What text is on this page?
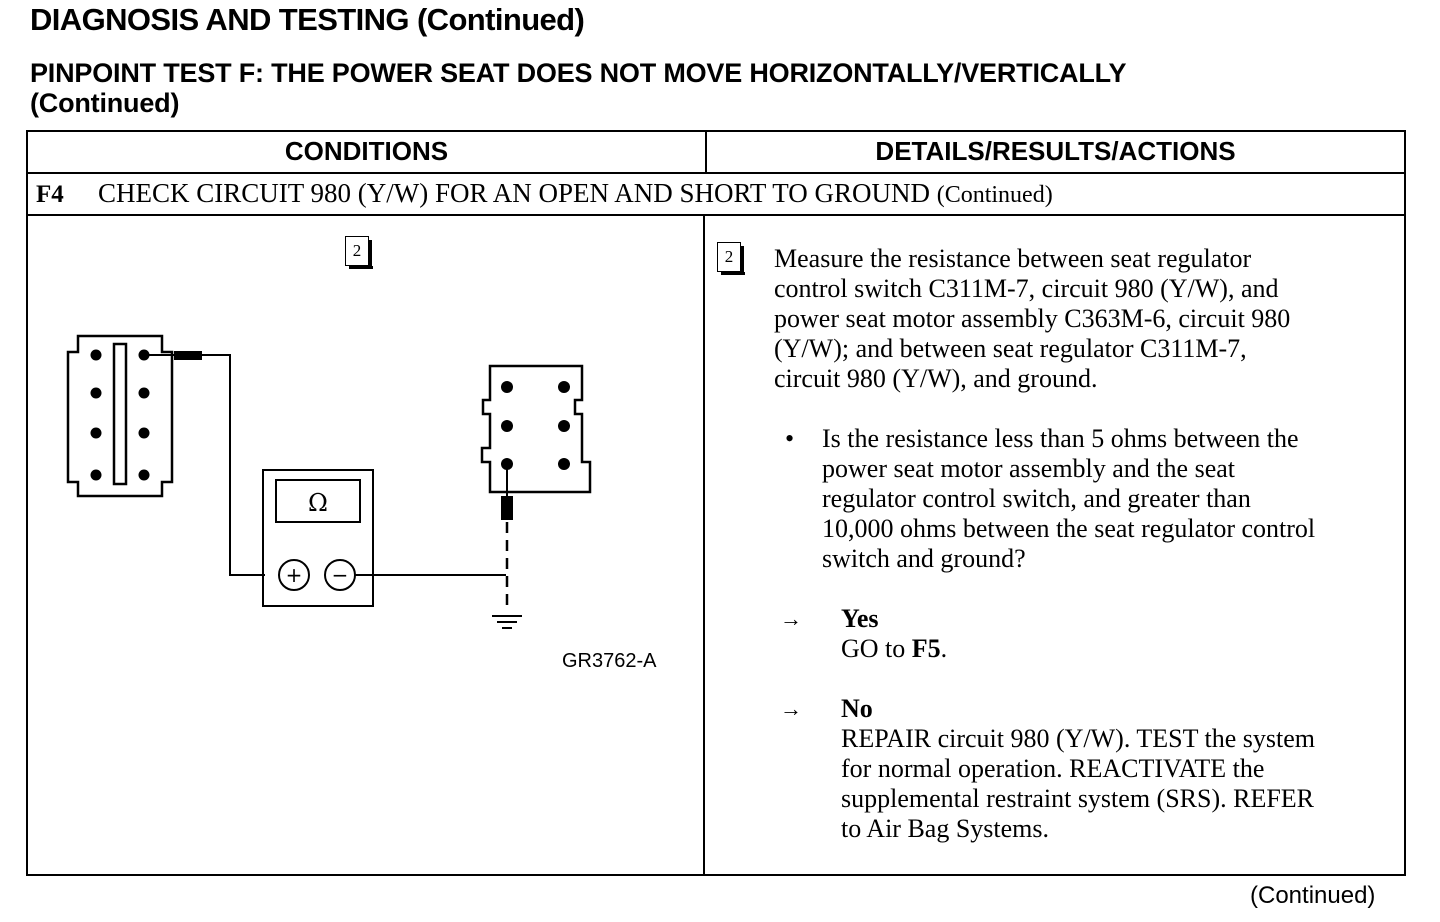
DIAGNOSIS AND TESTING (Continued)
PINPOINT TEST F: THE POWER SEAT DOES NOT MOVE HORIZONTALLY/VERTICALLY
(Continued)
CONDITIONS	DETAILS/RESULTS/ACTIONS
F4 CHECK CIRCUIT 980 (Y/W) FOR AN OPEN AND SHORT TO GROUND (Continued)
2
Ω
+ −
GR3762-A
2 Measure the resistance between seat regulator
control switch C311M-7, circuit 980 (Y/W), and
power seat motor assembly C363M-6, circuit 980
(Y/W); and between seat regulator C311M-7,
circuit 980 (Y/W), and ground.
• Is the resistance less than 5 ohms between the
power seat motor assembly and the seat
regulator control switch, and greater than
10,000 ohms between the seat regulator control
switch and ground?
→ Yes
GO to F5.
→ No
REPAIR circuit 980 (Y/W). TEST the system
for normal operation. REACTIVATE the
supplemental restraint system (SRS). REFER
to Air Bag Systems.
(Continued)
